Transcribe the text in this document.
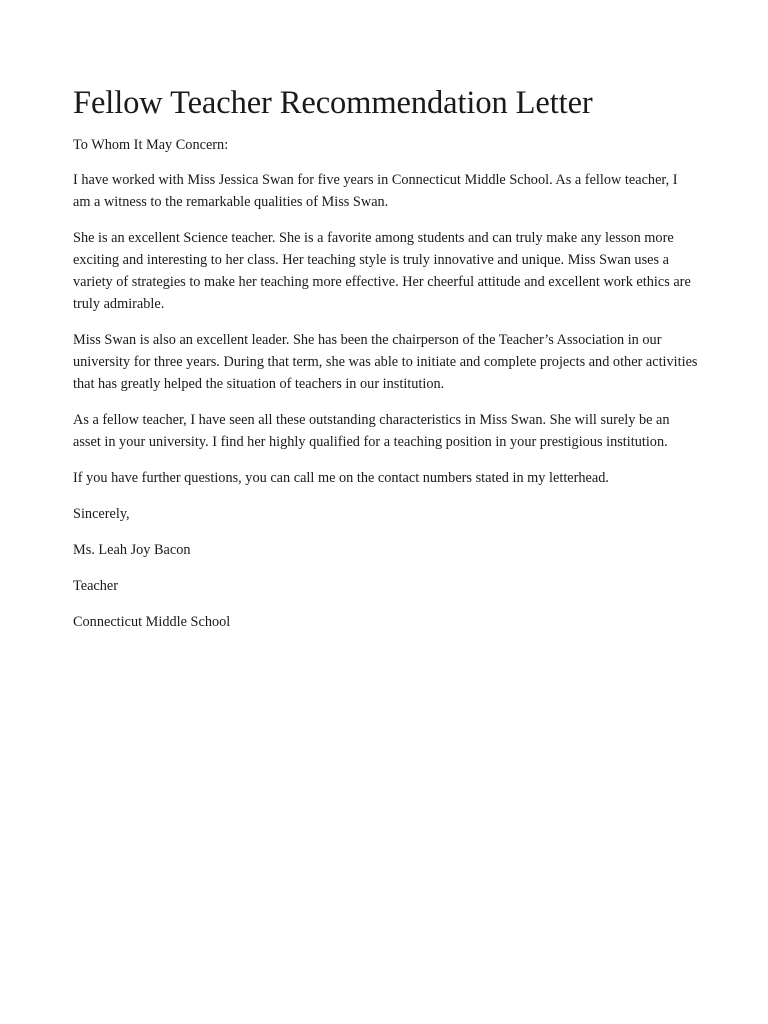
Fellow Teacher Recommendation Letter

To Whom It May Concern:

I have worked with Miss Jessica Swan for five years in Connecticut Middle School. As a fellow teacher, I am a witness to the remarkable qualities of Miss Swan.

She is an excellent Science teacher. She is a favorite among students and can truly make any lesson more exciting and interesting to her class. Her teaching style is truly innovative and unique. Miss Swan uses a variety of strategies to make her teaching more effective. Her cheerful attitude and excellent work ethics are truly admirable.

Miss Swan is also an excellent leader. She has been the chairperson of the Teacher’s Association in our university for three years. During that term, she was able to initiate and complete projects and other activities that has greatly helped the situation of teachers in our institution.

As a fellow teacher, I have seen all these outstanding characteristics in Miss Swan. She will surely be an asset in your university. I find her highly qualified for a teaching position in your prestigious institution.

If you have further questions, you can call me on the contact numbers stated in my letterhead.

Sincerely,

Ms. Leah Joy Bacon

Teacher

Connecticut Middle School
